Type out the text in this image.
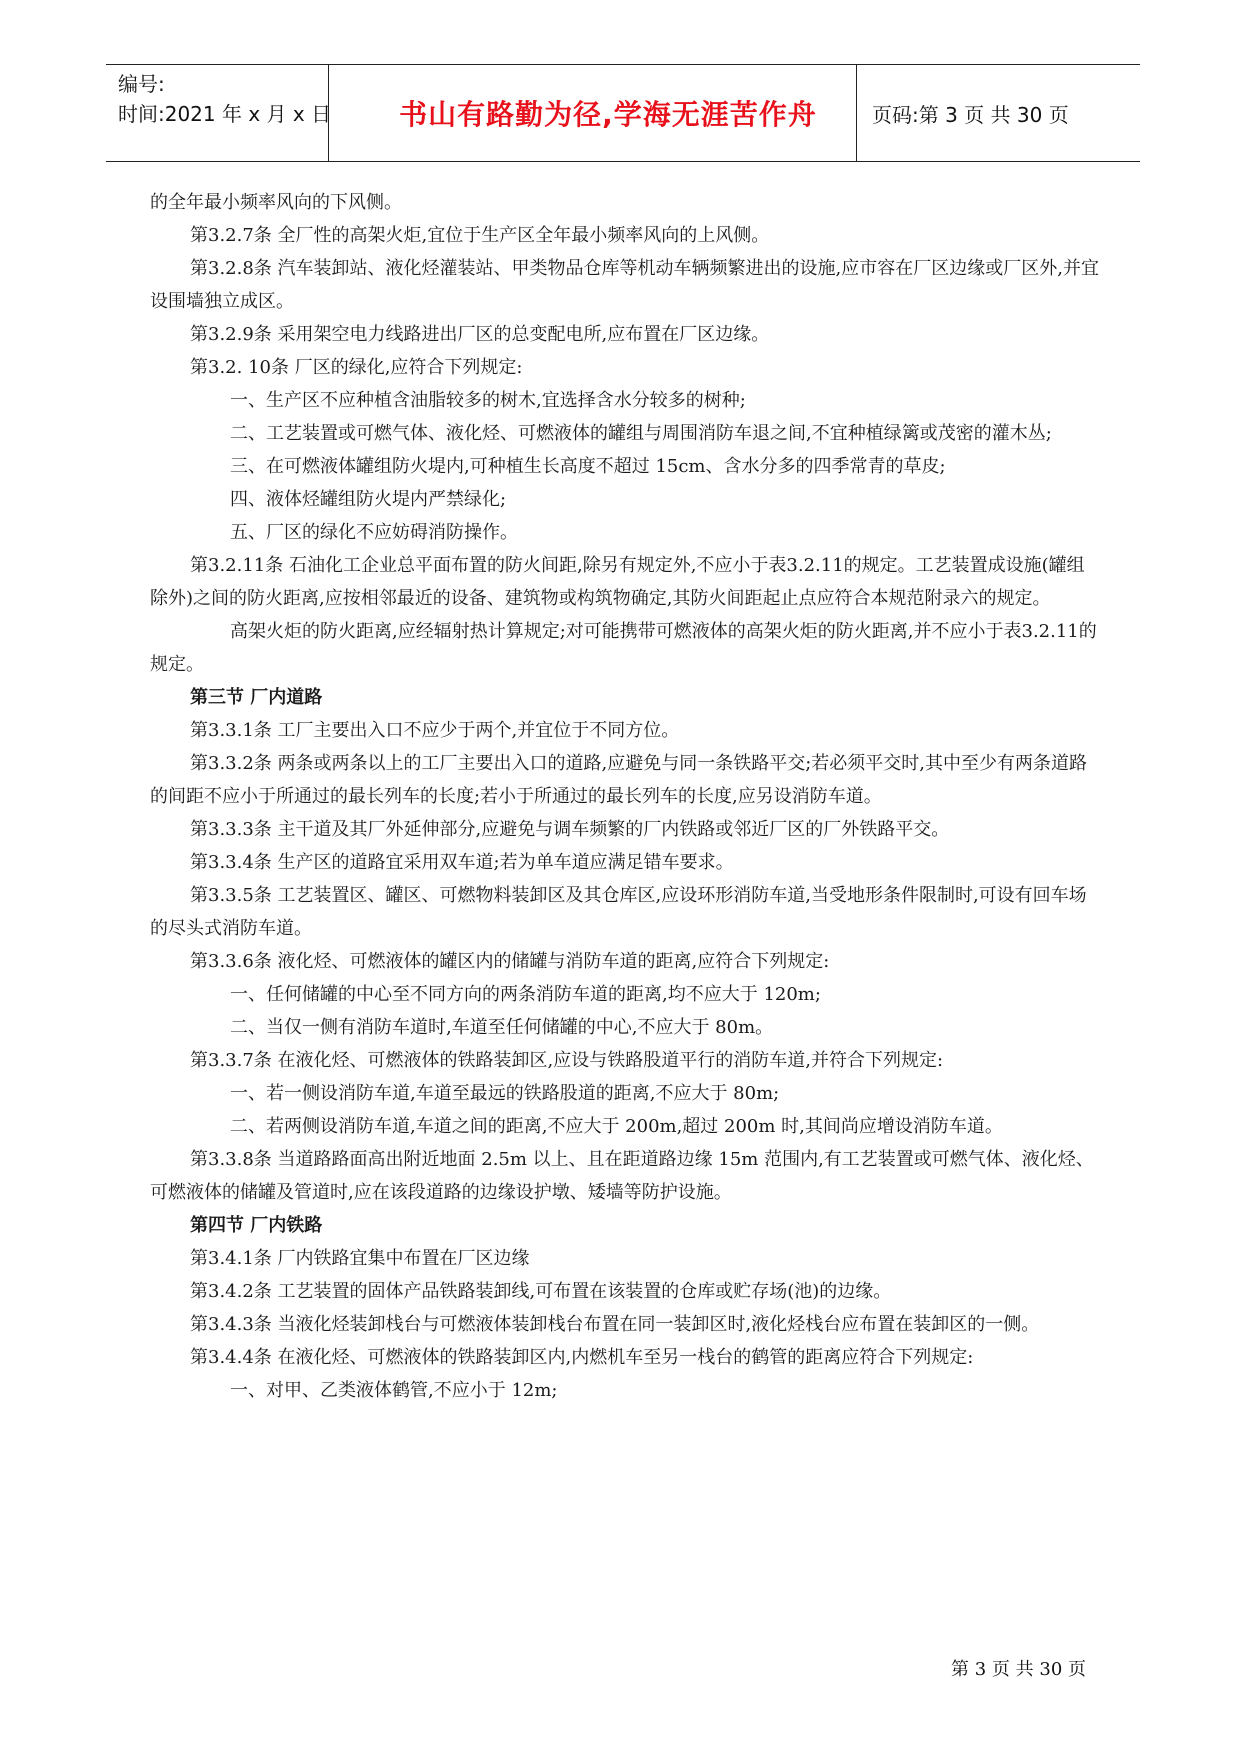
编号:
时间:2021 年 x 月 x 日	书山有路勤为径,学海无涯苦作舟	页码:第 3 页 共 30 页

的全年最小频率风向的下风侧。

第3.2.7条 全厂性的高架火炬,宜位于生产区全年最小频率风向的上风侧。

第3.2.8条 汽车装卸站、液化烃灌装站、甲类物品仓库等机动车辆频繁进出的设施,应市容在厂区边缘或厂区外,并宜设围墙独立成区。

第3.2.9条 采用架空电力线路进出厂区的总变配电所,应布置在厂区边缘。

第3.2. 10条 厂区的绿化,应符合下列规定:

一、生产区不应种植含油脂较多的树木,宜选择含水分较多的树种;

二、工艺装置或可燃气体、液化烃、可燃液体的罐组与周围消防车退之间,不宜种植绿篱或茂密的灌木丛;

三、在可燃液体罐组防火堤内,可种植生长高度不超过 15cm、含水分多的四季常青的草皮;

四、液体烃罐组防火堤内严禁绿化;

五、厂区的绿化不应妨碍消防操作。

第3.2.11条 石油化工企业总平面布置的防火间距,除另有规定外,不应小于表3.2.11的规定。工艺装置成设施(罐组除外)之间的防火距离,应按相邻最近的设备、建筑物或构筑物确定,其防火间距起止点应符合本规范附录六的规定。

高架火炬的防火距离,应经辐射热计算规定;对可能携带可燃液体的高架火炬的防火距离,并不应小于表3.2.11的规定。

第三节 厂内道路

第3.3.1条 工厂主要出入口不应少于两个,并宜位于不同方位。

第3.3.2条 两条或两条以上的工厂主要出入口的道路,应避免与同一条铁路平交;若必须平交时,其中至少有两条道路的间距不应小于所通过的最长列车的长度;若小于所通过的最长列车的长度,应另设消防车道。

第3.3.3条 主干道及其厂外延伸部分,应避免与调车频繁的厂内铁路或邻近厂区的厂外铁路平交。

第3.3.4条 生产区的道路宜采用双车道;若为单车道应满足错车要求。

第3.3.5条 工艺装置区、罐区、可燃物料装卸区及其仓库区,应设环形消防车道,当受地形条件限制时,可设有回车场的尽头式消防车道。

第3.3.6条 液化烃、可燃液体的罐区内的储罐与消防车道的距离,应符合下列规定:

一、任何储罐的中心至不同方向的两条消防车道的距离,均不应大于 120m;

二、当仅一侧有消防车道时,车道至任何储罐的中心,不应大于 80m。

第3.3.7条 在液化烃、可燃液体的铁路装卸区,应设与铁路股道平行的消防车道,并符合下列规定:

一、若一侧设消防车道,车道至最远的铁路股道的距离,不应大于 80m;

二、若两侧设消防车道,车道之间的距离,不应大于 200m,超过 200m 时,其间尚应增设消防车道。

第3.3.8条 当道路路面高出附近地面 2.5m 以上、且在距道路边缘 15m 范围内,有工艺装置或可燃气体、液化烃、可燃液体的储罐及管道时,应在该段道路的边缘设护墩、矮墙等防护设施。

第四节 厂内铁路

第3.4.1条 厂内铁路宜集中布置在厂区边缘

第3.4.2条 工艺装置的固体产品铁路装卸线,可布置在该装置的仓库或贮存场(池)的边缘。

第3.4.3条 当液化烃装卸栈台与可燃液体装卸栈台布置在同一装卸区时,液化烃栈台应布置在装卸区的一侧。

第3.4.4条 在液化烃、可燃液体的铁路装卸区内,内燃机车至另一栈台的鹤管的距离应符合下列规定:

一、对甲、乙类液体鹤管,不应小于 12m;

第 3 页 共 30 页
